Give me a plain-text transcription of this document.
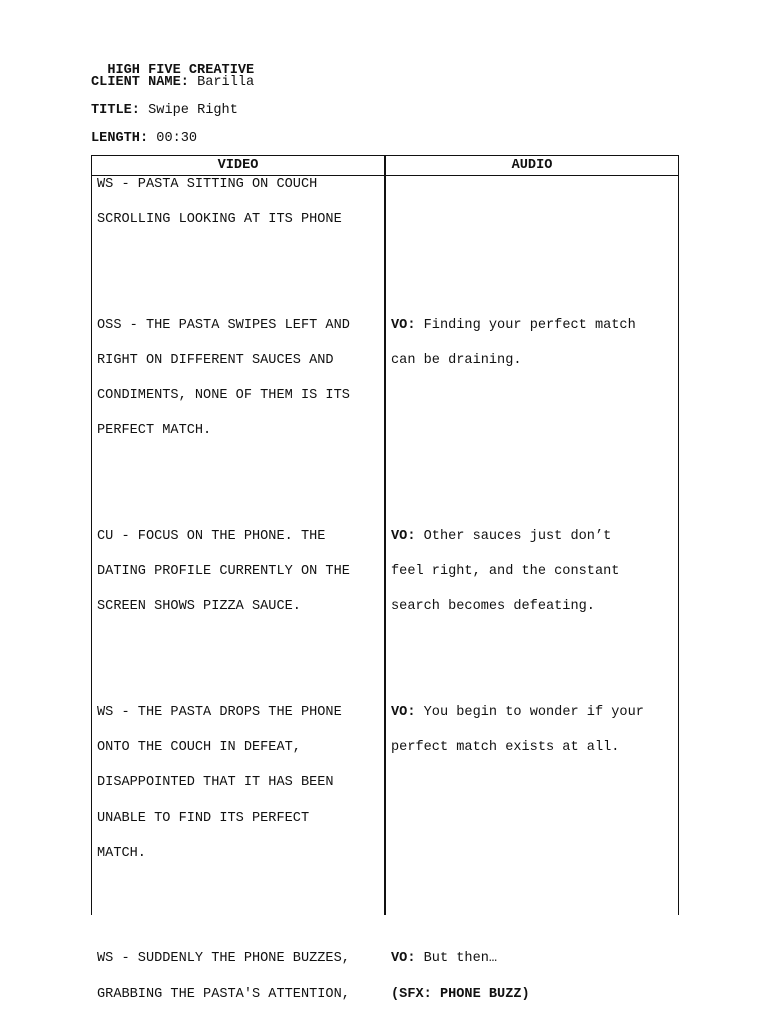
HIGH FIVE CREATIVE

CLIENT NAME: Barilla
TITLE: Swipe Right
LENGTH: 00:30
VIDEO	AUDIO
WS - PASTA SITTING ON COUCH
SCROLLING LOOKING AT ITS PHONE
OSS - THE PASTA SWIPES LEFT AND
RIGHT ON DIFFERENT SAUCES AND
CONDIMENTS, NONE OF THEM IS ITS
PERFECT MATCH.
CU - FOCUS ON THE PHONE. THE
DATING PROFILE CURRENTLY ON THE
SCREEN SHOWS PIZZA SAUCE.
WS - THE PASTA DROPS THE PHONE
ONTO THE COUCH IN DEFEAT,
DISAPPOINTED THAT IT HAS BEEN
UNABLE TO FIND ITS PERFECT
MATCH.
WS - SUDDENLY THE PHONE BUZZES,
GRABBING THE PASTA'S ATTENTION,
VO: Finding your perfect match
can be draining.
VO: Other sauces just don’t
feel right, and the constant
search becomes defeating.
VO: You begin to wonder if your
perfect match exists at all.
VO: But then…
(SFX: PHONE BUZZ)
